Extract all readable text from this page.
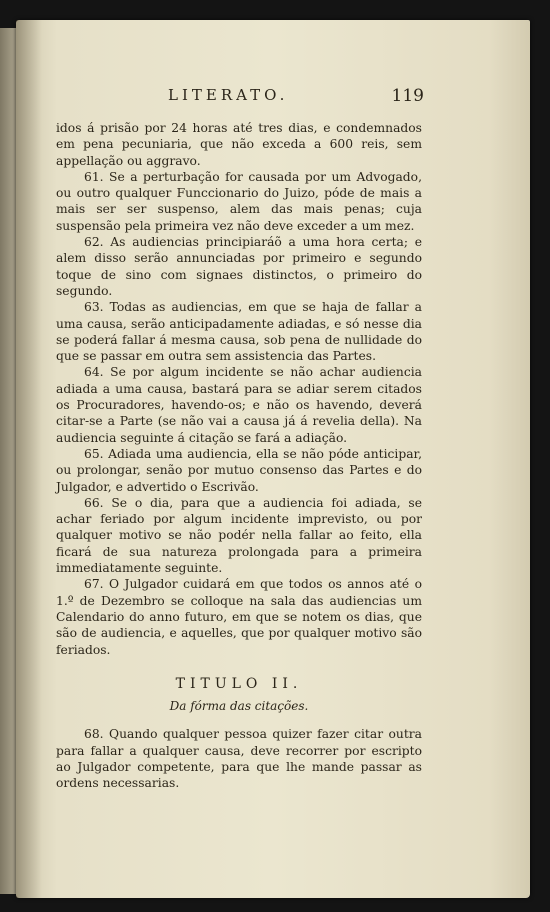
LITERATO.	119

idos á prisão por 24 horas até tres dias, e condemnados em pena pecuniaria, que não exceda a 600 reis, sem appellação ou aggravo.

61. Se a perturbação for causada por um Advogado, ou outro qualquer Funccionario do Juizo, póde de mais a mais ser ser suspenso, alem das mais penas; cuja suspensão pela primeira vez não deve exceder a um mez.

62. As audiencias principiaráõ a uma hora certa; e alem disso serão annunciadas por primeiro e segundo toque de sino com signaes distinctos, o primeiro do segundo.

63. Todas as audiencias, em que se haja de fallar a uma causa, serão anticipadamente adiadas, e só nesse dia se poderá fallar á mesma causa, sob pena de nullidade do que se passar em outra sem assistencia das Partes.

64. Se por algum incidente se não achar audiencia adiada a uma causa, bastará para se adiar serem citados os Procuradores, havendo-os; e não os havendo, deverá citar-se a Parte (se não vai a causa já á revelia della). Na audiencia seguinte á citação se fará a adiação.

65. Adiada uma audiencia, ella se não póde anticipar, ou prolongar, senão por mutuo consenso das Partes e do Julgador, e advertido o Escrivão.

66. Se o dia, para que a audiencia foi adiada, se achar feriado por algum incidente imprevisto, ou por qualquer motivo se não podér nella fallar ao feito, ella ficará de sua natureza prolongada para a primeira immediatamente seguinte.

67. O Julgador cuidará em que todos os annos até o 1.º de Dezembro se colloque na sala das audiencias um Calendario do anno futuro, em que se notem os dias, que são de audiencia, e aquelles, que por qualquer motivo são feriados.

TITULO II.
Da fórma das citações.

68. Quando qualquer pessoa quizer fazer citar outra para fallar a qualquer causa, deve recorrer por escripto ao Julgador competente, para que lhe mande passar as ordens necessarias.
